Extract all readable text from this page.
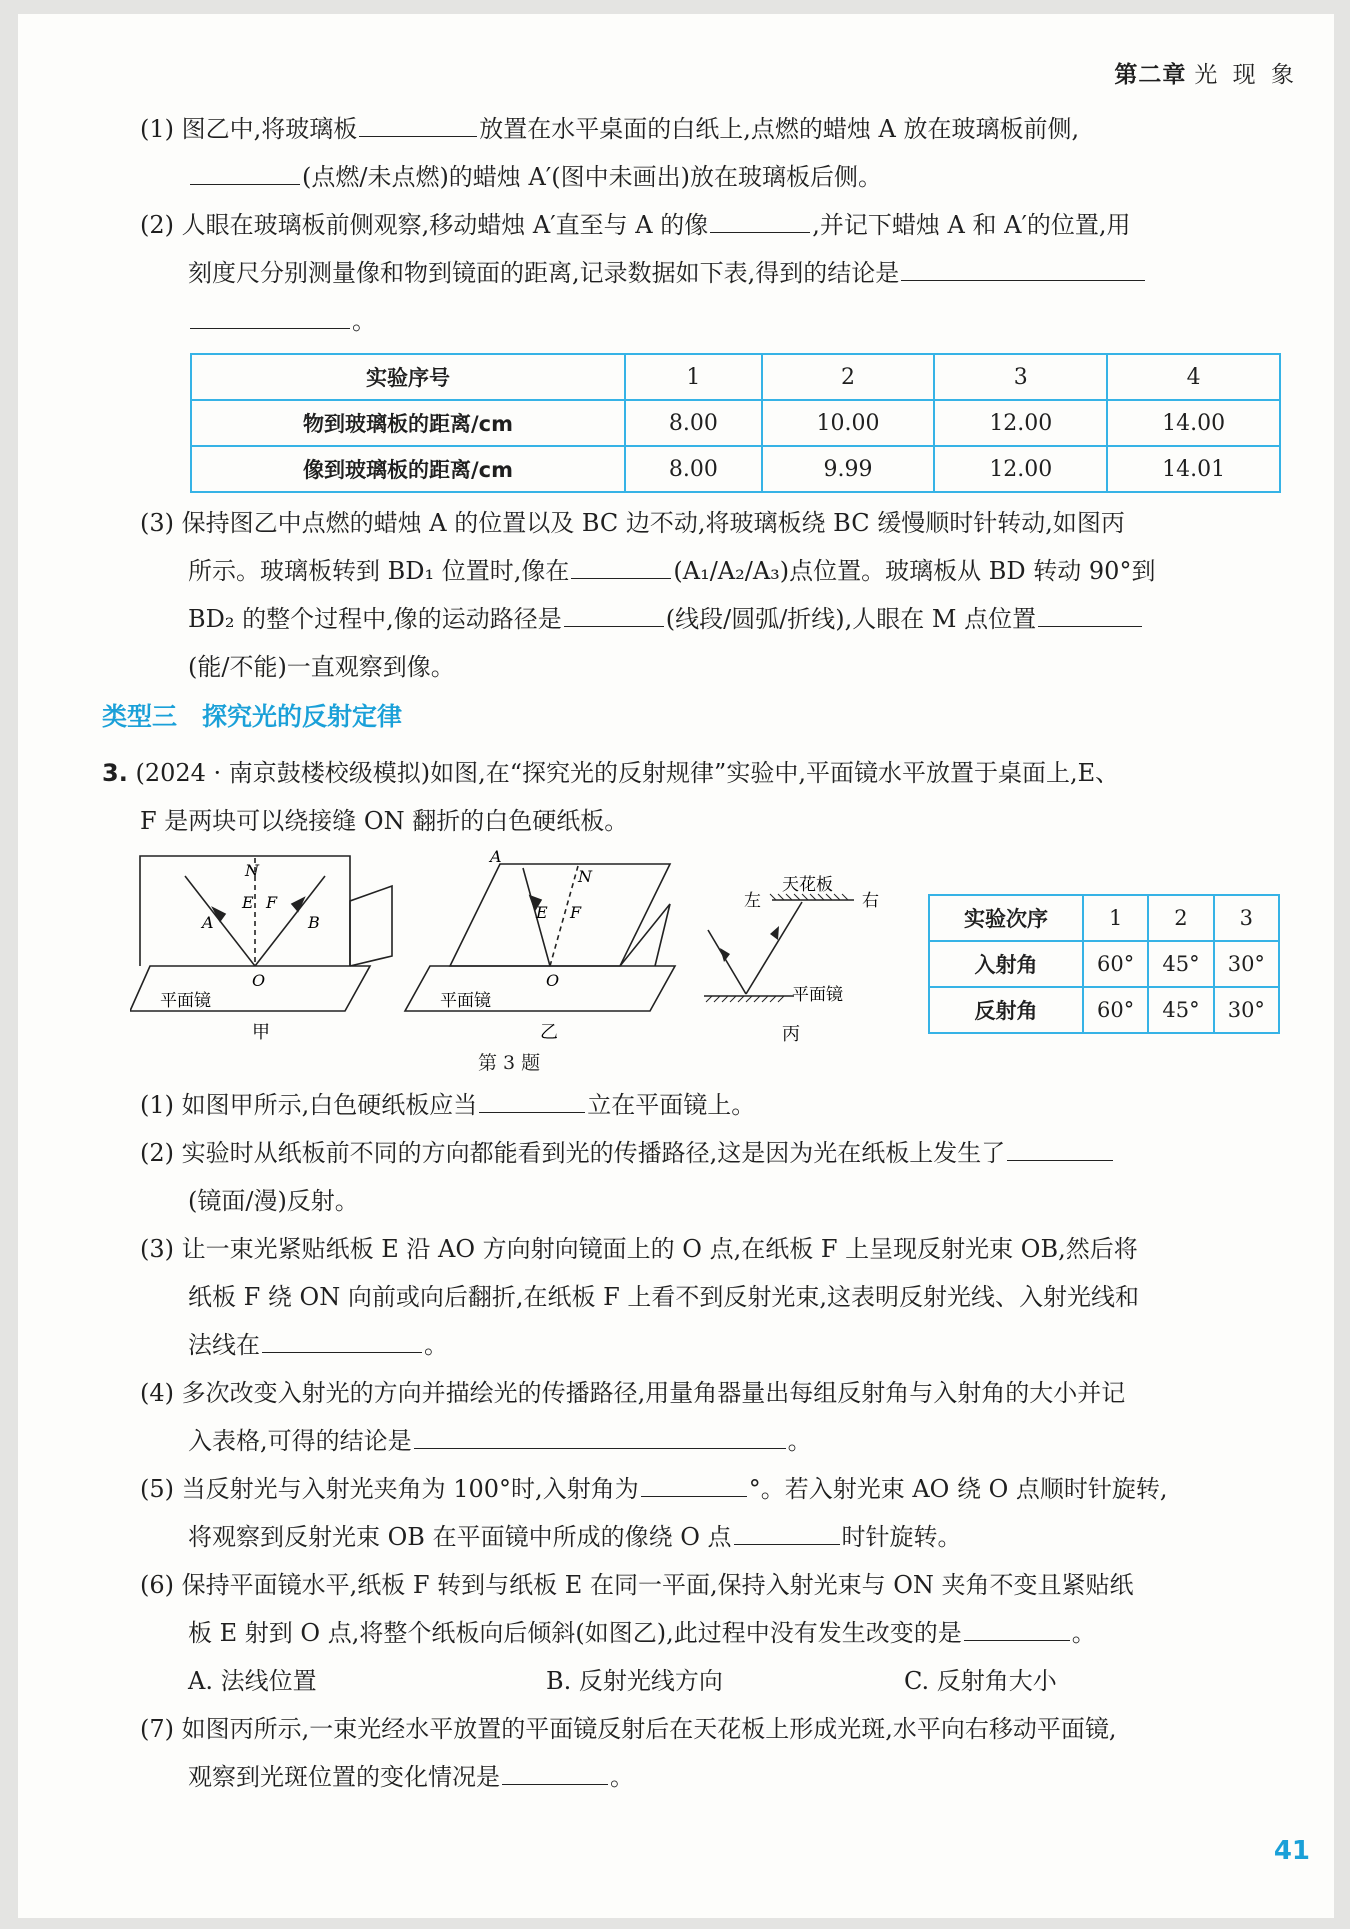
第二章 光 现 象
(1) 图乙中,将玻璃板	放置在水平桌面的白纸上,点燃的蜡烛 A 放在玻璃板前侧,
(点燃/未点燃)的蜡烛 A′(图中未画出)放在玻璃板后侧。
(2) 人眼在玻璃板前侧观察,移动蜡烛 A′直至与 A 的像	,并记下蜡烛 A 和 A′的位置,用
刻度尺分别测量像和物到镜面的距离,记录数据如下表,得到的结论是
。
实验序号	1	2	3	4
物到玻璃板的距离/cm	8.00	10.00	12.00	14.00
像到玻璃板的距离/cm	8.00	9.99	12.00	14.01
(3) 保持图乙中点燃的蜡烛 A 的位置以及 BC 边不动,将玻璃板绕 BC 缓慢顺时针转动,如图丙
所示。玻璃板转到 BD₁ 位置时,像在	(A₁/A₂/A₃)点位置。玻璃板从 BD 转动 90°到
BD₂ 的整个过程中,像的运动路径是	(线段/圆弧/折线),人眼在 M 点位置
(能/不能)一直观察到像。
类型三　探究光的反射定律
3. (2024 · 南京鼓楼校级模拟)如图,在“探究光的反射规律”实验中,平面镜水平放置于桌面上,E、
F 是两块可以绕接缝 ON 翻折的白色硬纸板。
N
E F
A	B
O
平面镜
甲
A
N
E F
O
平面镜
乙
天花板
左	右
平面镜
丙
实验次序	1	2	3
入射角	60°	45°	30°
反射角	60°	45°	30°
第 3 题
(1) 如图甲所示,白色硬纸板应当	立在平面镜上。
(2) 实验时从纸板前不同的方向都能看到光的传播路径,这是因为光在纸板上发生了
(镜面/漫)反射。
(3) 让一束光紧贴纸板 E 沿 AO 方向射向镜面上的 O 点,在纸板 F 上呈现反射光束 OB,然后将
纸板 F 绕 ON 向前或向后翻折,在纸板 F 上看不到反射光束,这表明反射光线、入射光线和
法线在	。
(4) 多次改变入射光的方向并描绘光的传播路径,用量角器量出每组反射角与入射角的大小并记
入表格,可得的结论是	。
(5) 当反射光与入射光夹角为 100°时,入射角为	°。若入射光束 AO 绕 O 点顺时针旋转,
将观察到反射光束 OB 在平面镜中所成的像绕 O 点	时针旋转。
(6) 保持平面镜水平,纸板 F 转到与纸板 E 在同一平面,保持入射光束与 ON 夹角不变且紧贴纸
板 E 射到 O 点,将整个纸板向后倾斜(如图乙),此过程中没有发生改变的是	。
A. 法线位置	B. 反射光线方向	C. 反射角大小
(7) 如图丙所示,一束光经水平放置的平面镜反射后在天花板上形成光斑,水平向右移动平面镜,
观察到光斑位置的变化情况是	。
41
